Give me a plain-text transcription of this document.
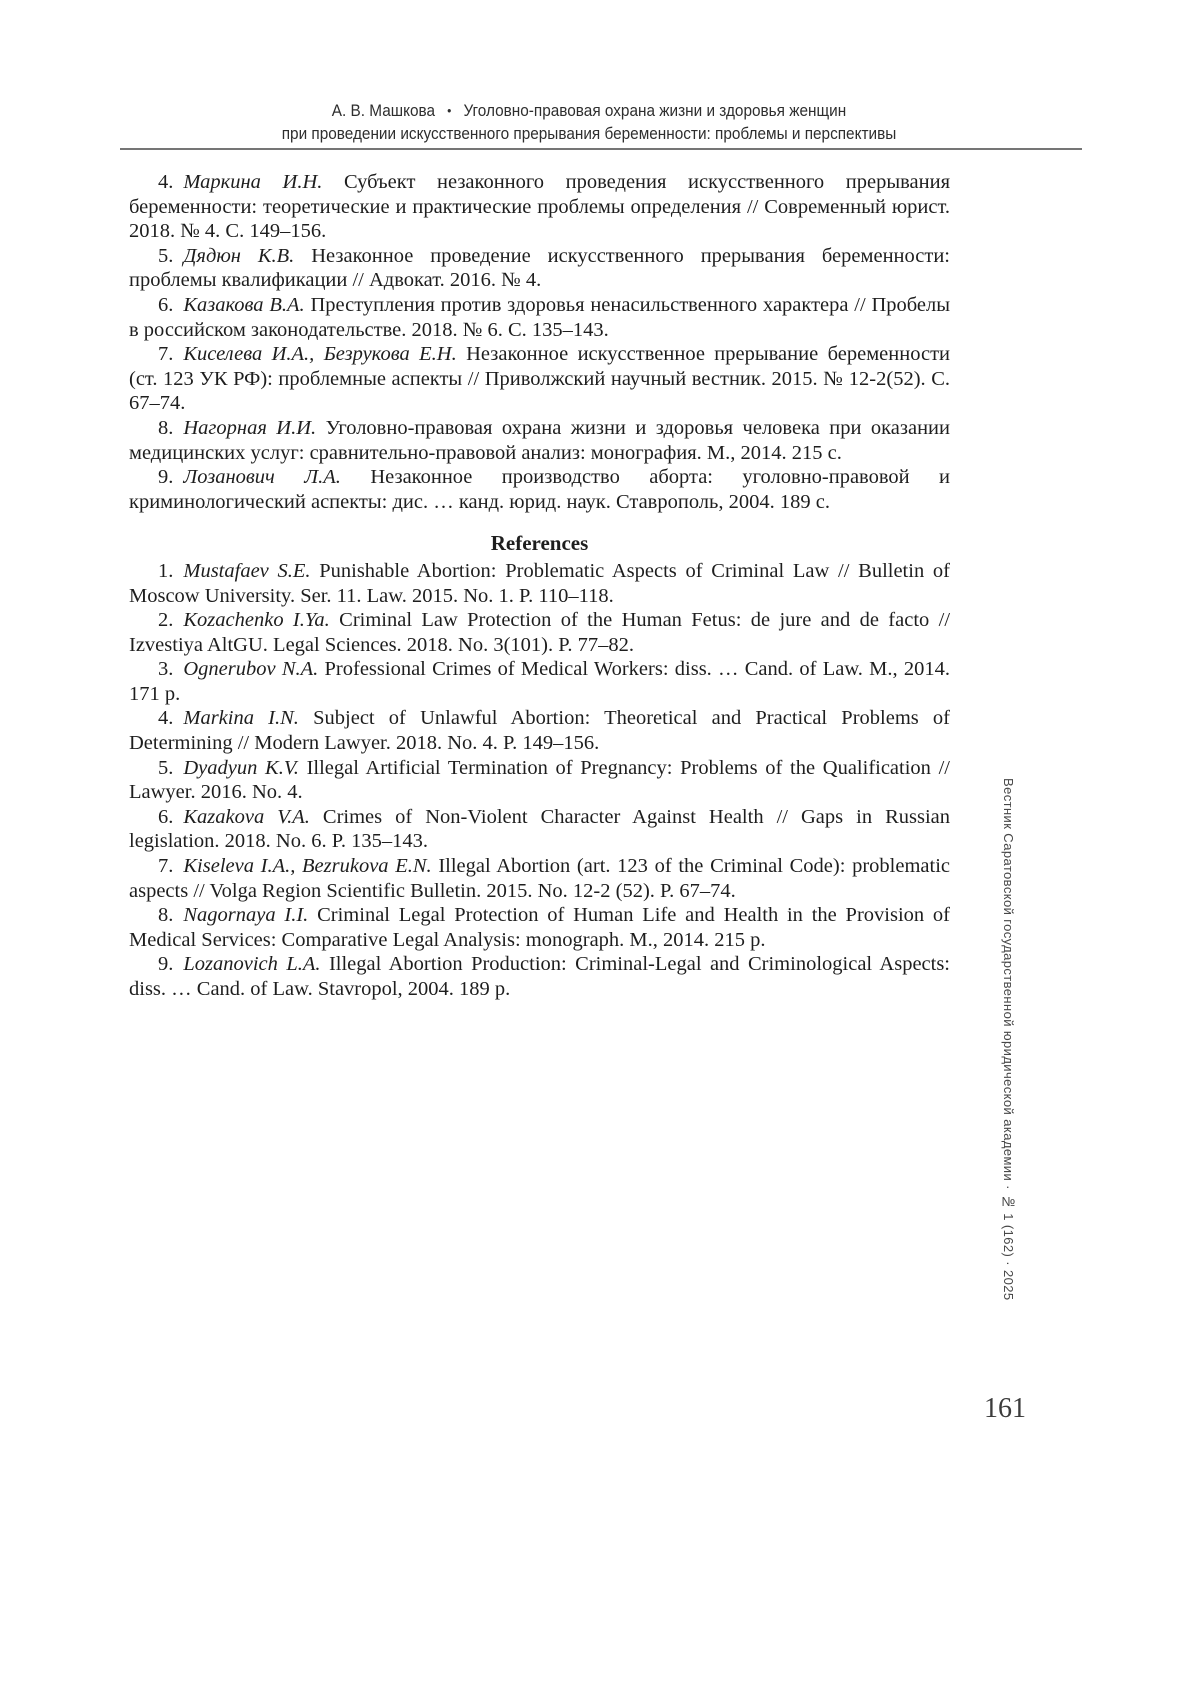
А. В. Машкова • Уголовно-правовая охрана жизни и здоровья женщин
при проведении искусственного прерывания беременности: проблемы и перспективы

4. Маркина И.Н. Субъект незаконного проведения искусственного прерывания беременности: теоретические и практические проблемы определения // Современный юрист. 2018. № 4. С. 149–156.

5. Дядюн К.В. Незаконное проведение искусственного прерывания беременности: проблемы квалификации // Адвокат. 2016. № 4.

6. Казакова В.А. Преступления против здоровья ненасильственного характера // Пробелы в российском законодательстве. 2018. № 6. С. 135–143.

7. Киселева И.А., Безрукова Е.Н. Незаконное искусственное прерывание беременности (ст. 123 УК РФ): проблемные аспекты // Приволжский научный вестник. 2015. № 12-2(52). С. 67–74.

8. Нагорная И.И. Уголовно-правовая охрана жизни и здоровья человека при оказании медицинских услуг: сравнительно-правовой анализ: монография. М., 2014. 215 с.

9. Лозанович Л.А. Незаконное производство аборта: уголовно-правовой и криминологический аспекты: дис. … канд. юрид. наук. Ставрополь, 2004. 189 с.

References

1. Mustafaev S.E. Punishable Abortion: Problematic Aspects of Criminal Law // Bulletin of Moscow University. Ser. 11. Law. 2015. No. 1. P. 110–118.

2. Kozachenko I.Ya. Criminal Law Protection of the Human Fetus: de jure and de facto // Izvestiya AltGU. Legal Sciences. 2018. No. 3(101). P. 77–82.

3. Ognerubov N.A. Professional Crimes of Medical Workers: diss. … Cand. of Law. M., 2014. 171 p.

4. Markina I.N. Subject of Unlawful Abortion: Theoretical and Practical Problems of Determining // Modern Lawyer. 2018. No. 4. P. 149–156.

5. Dyadyun K.V. Illegal Artificial Termination of Pregnancy: Problems of the Qualification // Lawyer. 2016. No. 4.

6. Kazakova V.A. Crimes of Non-Violent Character Against Health // Gaps in Russian legislation. 2018. No. 6. P. 135–143.

7. Kiseleva I.A., Bezrukova E.N. Illegal Abortion (art. 123 of the Criminal Code): problematic aspects // Volga Region Scientific Bulletin. 2015. No. 12-2 (52). P. 67–74.

8. Nagornaya I.I. Criminal Legal Protection of Human Life and Health in the Provision of Medical Services: Comparative Legal Analysis: monograph. M., 2014. 215 p.

9. Lozanovich L.A. Illegal Abortion Production: Criminal-Legal and Criminological Aspects: diss. … Cand. of Law. Stavropol, 2004. 189 p.	Вестник Саратовской государственной юридической академии · № 1 (162) · 2025
161
